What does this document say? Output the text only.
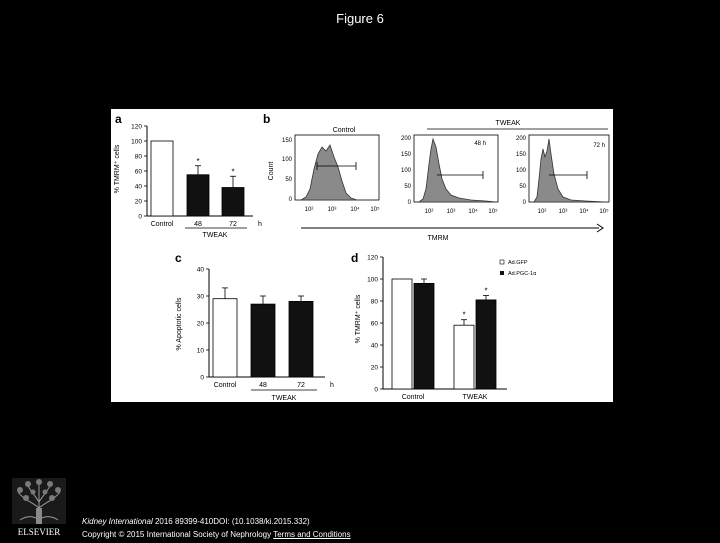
Figure 6
a
% TMRM⁺ cells
0
20
40
60
80
100
120
*
*
Control	48	72	h
TWEAK
b
Control
TWEAK
Count
150
100
50
0
10² 10³ 10⁴ 10⁵
200
150
100
50
0
48 h
10² 10³ 10⁴ 10⁵
200
150
100
50
0
72 h
10² 10³ 10⁴ 10⁵
TMRM
c
% Apoptotic cells
0
10
20
30
40
Control	48	72	h
TWEAK
d
% TMRM⁺ cells
0
20
40
60
80
100
120
*
*
Control	TWEAK
Ad.GFP
Ad.PGC-1α
ELSEVIER
Kidney International 2016 89399-410DOI: (10.1038/ki.2015.332)
Copyright © 2015 International Society of Nephrology Terms and Conditions
